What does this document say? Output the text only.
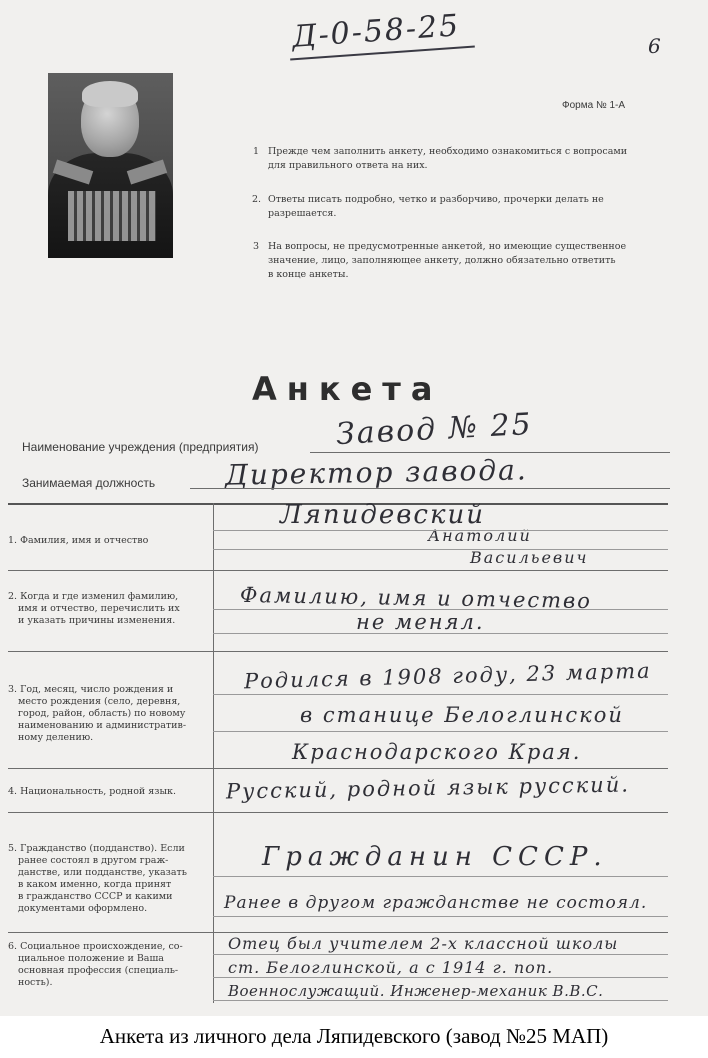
Д-0-58-25	6
Форма № 1-А
1 Прежде чем заполнить анкету, необходимо ознакомиться с вопросами
для правильного ответа на них.
2. Ответы писать подробно, четко и разборчиво, прочерки делать не
разрешается.
3 На вопросы, не предусмотренные анкетой, но имеющие существенное
значение, лицо, заполняющее анкету, должно обязательно ответить
в конце анкеты.
Анкета
Наименование учреждения (предприятия)	Завод № 25
Занимаемая должность Директор завода.
1. Фамилия, имя и отчество
Ляпидевский
Анатолий
Васильевич
2. Когда и где изменил фамилию,
имя и отчество, перечислить их
и указать причины изменения.
Фамилию, имя и отчество
не менял.
3. Год, месяц, число рождения и
место рождения (село, деревня,
город, район, область) по новому
наименованию и административ-
ному делению.
Родился в 1908 году, 23 марта
в станице Белоглинской
Краснодарского Края.
4. Национальность, родной язык. Русский, родной язык русский.
5. Гражданство (подданство). Если
ранее состоял в другом граж-
данстве, или подданстве, указать
в каком именно, когда принят
в гражданство СССР и какими
документами оформлено.
Гражданин СССР.
Ранее в другом гражданстве не состоял.
6. Социальное происхождение, со-
циальное положение и Ваша
основная профессия (специаль-
ность).
Отец был учителем 2-х классной школы
ст. Белоглинской, а с 1914 г. поп.
Военнослужащий. Инженер-механик В.В.С.
Анкета из личного дела Ляпидевского (завод №25 МАП)
